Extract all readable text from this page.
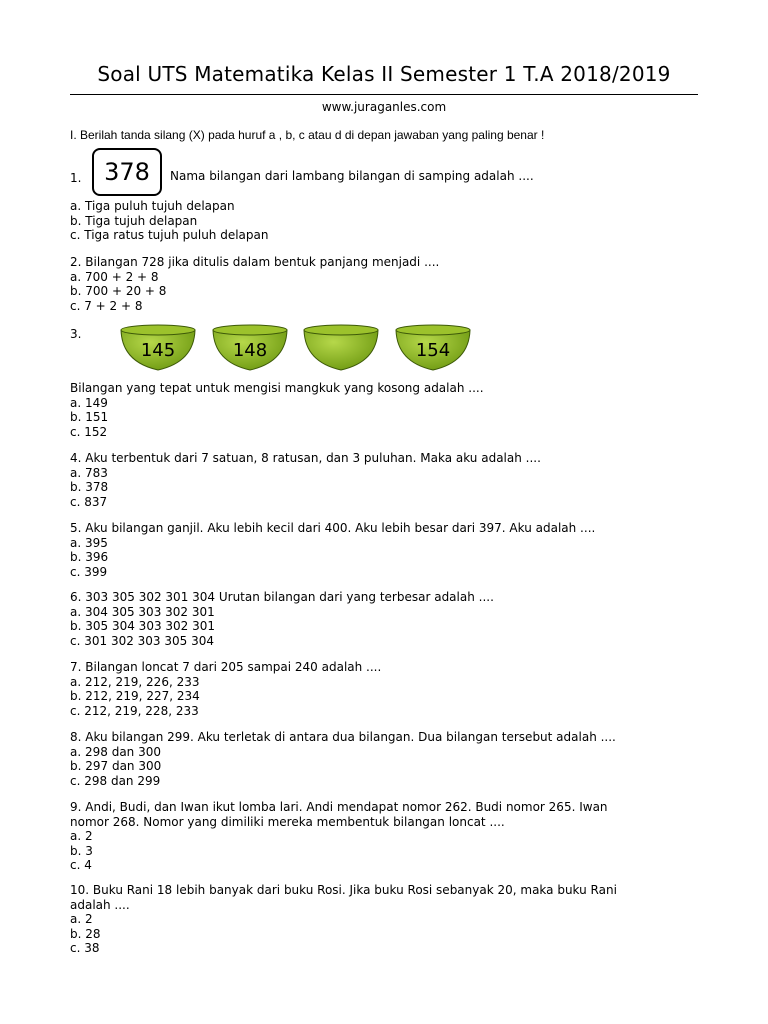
Soal UTS Matematika Kelas II Semester 1 T.A 2018/2019
www.juraganles.com
I. Berilah tanda silang (X) pada huruf a , b, c atau d di depan jawaban yang paling benar !
1. 378	Nama bilangan dari lambang bilangan di samping adalah ....
a. Tiga puluh tujuh delapan
b. Tiga tujuh delapan
c. Tiga ratus tujuh puluh delapan
2. Bilangan 728 jika ditulis dalam bentuk panjang menjadi ....
a. 700 + 2 + 8
b. 700 + 20 + 8
c. 7 + 2 + 8
3.
145	148	154
Bilangan yang tepat untuk mengisi mangkuk yang kosong adalah ....
a. 149
b. 151
c. 152
4. Aku terbentuk dari 7 satuan, 8 ratusan, dan 3 puluhan. Maka aku adalah ....
a. 783
b. 378
c. 837
5. Aku bilangan ganjil. Aku lebih kecil dari 400. Aku lebih besar dari 397. Aku adalah ....
a. 395
b. 396
c. 399
6. 303 305 302 301 304 Urutan bilangan dari yang terbesar adalah ....
a. 304 305 303 302 301
b. 305 304 303 302 301
c. 301 302 303 305 304
7. Bilangan loncat 7 dari 205 sampai 240 adalah ....
a. 212, 219, 226, 233
b. 212, 219, 227, 234
c. 212, 219, 228, 233
8. Aku bilangan 299. Aku terletak di antara dua bilangan. Dua bilangan tersebut adalah ....
a. 298 dan 300
b. 297 dan 300
c. 298 dan 299
9. Andi, Budi, dan Iwan ikut lomba lari. Andi mendapat nomor 262. Budi nomor 265. Iwan
nomor 268. Nomor yang dimiliki mereka membentuk bilangan loncat ....
a. 2
b. 3
c. 4
10. Buku Rani 18 lebih banyak dari buku Rosi. Jika buku Rosi sebanyak 20, maka buku Rani
adalah ....
a. 2
b. 28
c. 38
